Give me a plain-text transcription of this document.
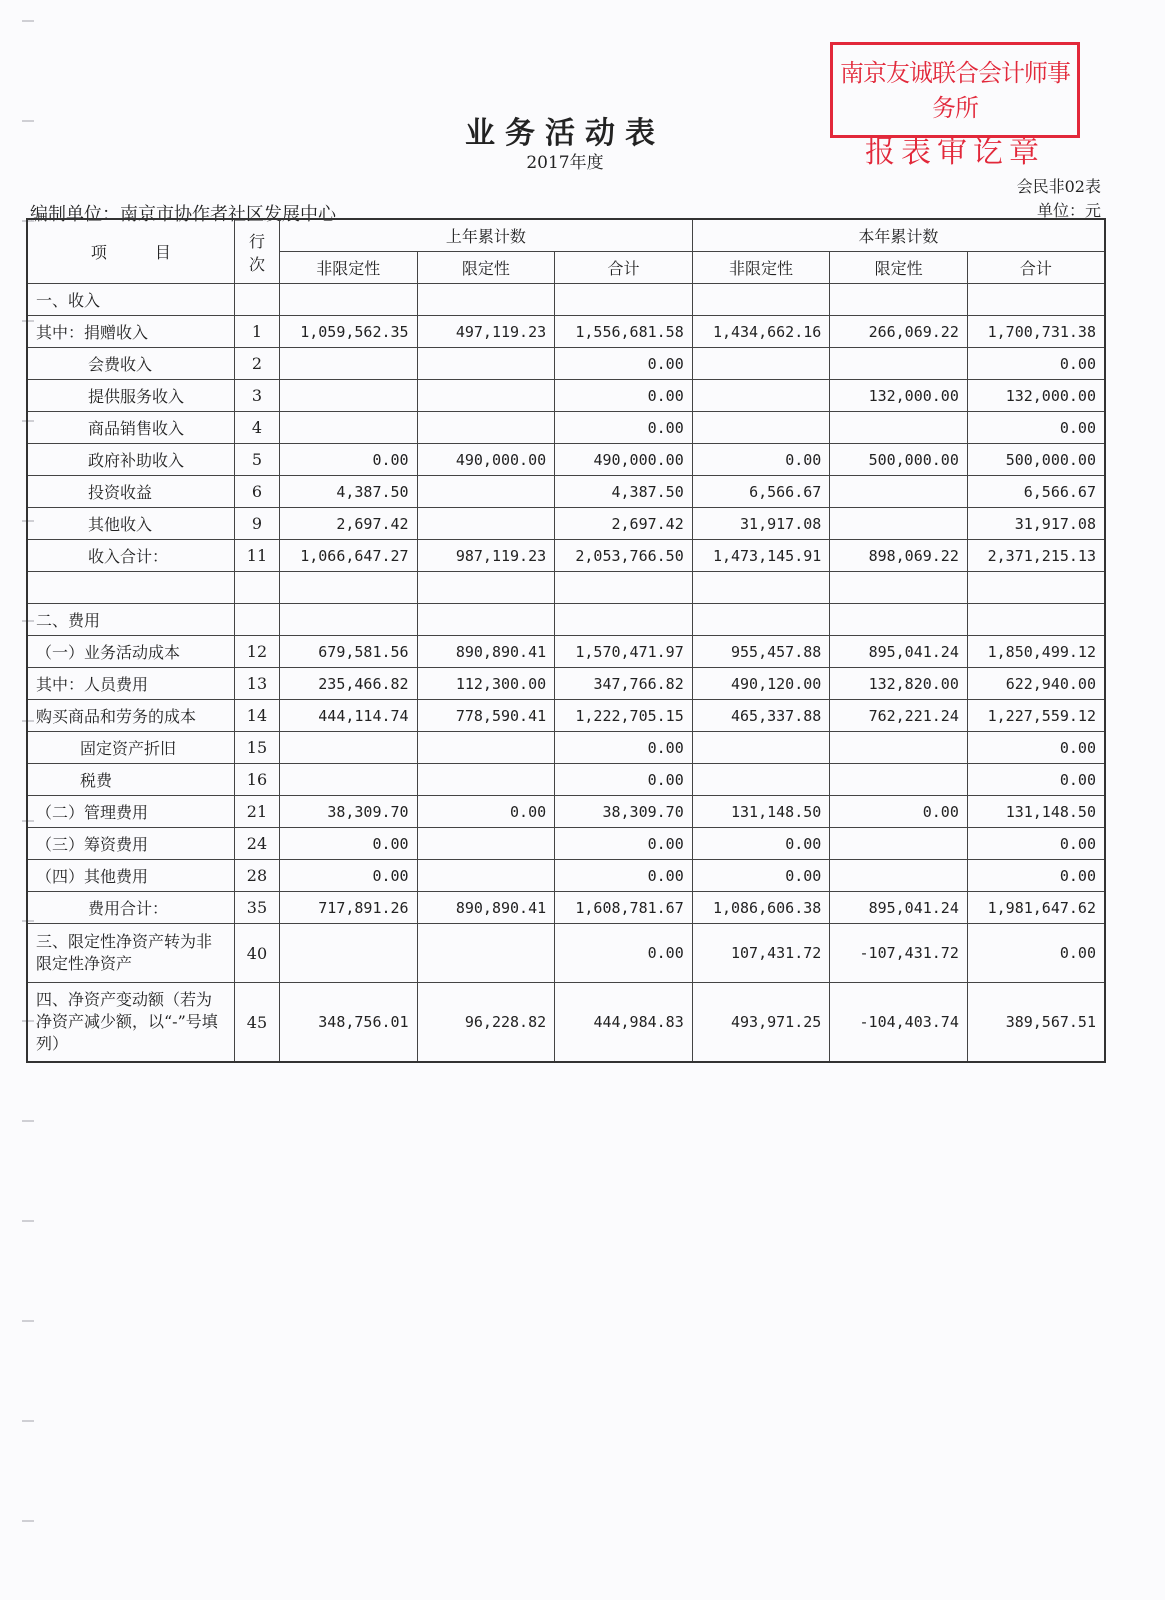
南京友诚联合会计师事务所
报表审讫章
业务活动表
2017年度
会民非02表
单位：元
编制单位：南京市协作者社区发展中心
项　　　目	行次	上年累计数			本年累计数		
		非限定性	限定性	合计	非限定性	限定性	合计
一、收入							
其中：捐赠收入	1	1,059,562.35	497,119.23	1,556,681.58	1,434,662.16	266,069.22	1,700,731.38
会费收入	2			0.00			0.00
提供服务收入	3			0.00		132,000.00	132,000.00
商品销售收入	4			0.00			0.00
政府补助收入	5	0.00	490,000.00	490,000.00	0.00	500,000.00	500,000.00
投资收益	6	4,387.50		4,387.50	6,566.67		6,566.67
其他收入	9	2,697.42		2,697.42	31,917.08		31,917.08
收入合计：	11	1,066,647.27	987,119.23	2,053,766.50	1,473,145.91	898,069.22	2,371,215.13

二、费用							
（一）业务活动成本	12	679,581.56	890,890.41	1,570,471.97	955,457.88	895,041.24	1,850,499.12
其中：人员费用	13	235,466.82	112,300.00	347,766.82	490,120.00	132,820.00	622,940.00
购买商品和劳务的成本	14	444,114.74	778,590.41	1,222,705.15	465,337.88	762,221.24	1,227,559.12
固定资产折旧	15			0.00			0.00
税费	16			0.00			0.00
（二）管理费用	21	38,309.70	0.00	38,309.70	131,148.50	0.00	131,148.50
（三）筹资费用	24	0.00		0.00	0.00		0.00
（四）其他费用	28	0.00		0.00	0.00		0.00
费用合计：	35	717,891.26	890,890.41	1,608,781.67	1,086,606.38	895,041.24	1,981,647.62
三、限定性净资产转为非限定性净资产	40			0.00	107,431.72	-107,431.72	0.00
四、净资产变动额（若为净资产减少额，以“-”号填列）	45	348,756.01	96,228.82	444,984.83	493,971.25	-104,403.74	389,567.51
